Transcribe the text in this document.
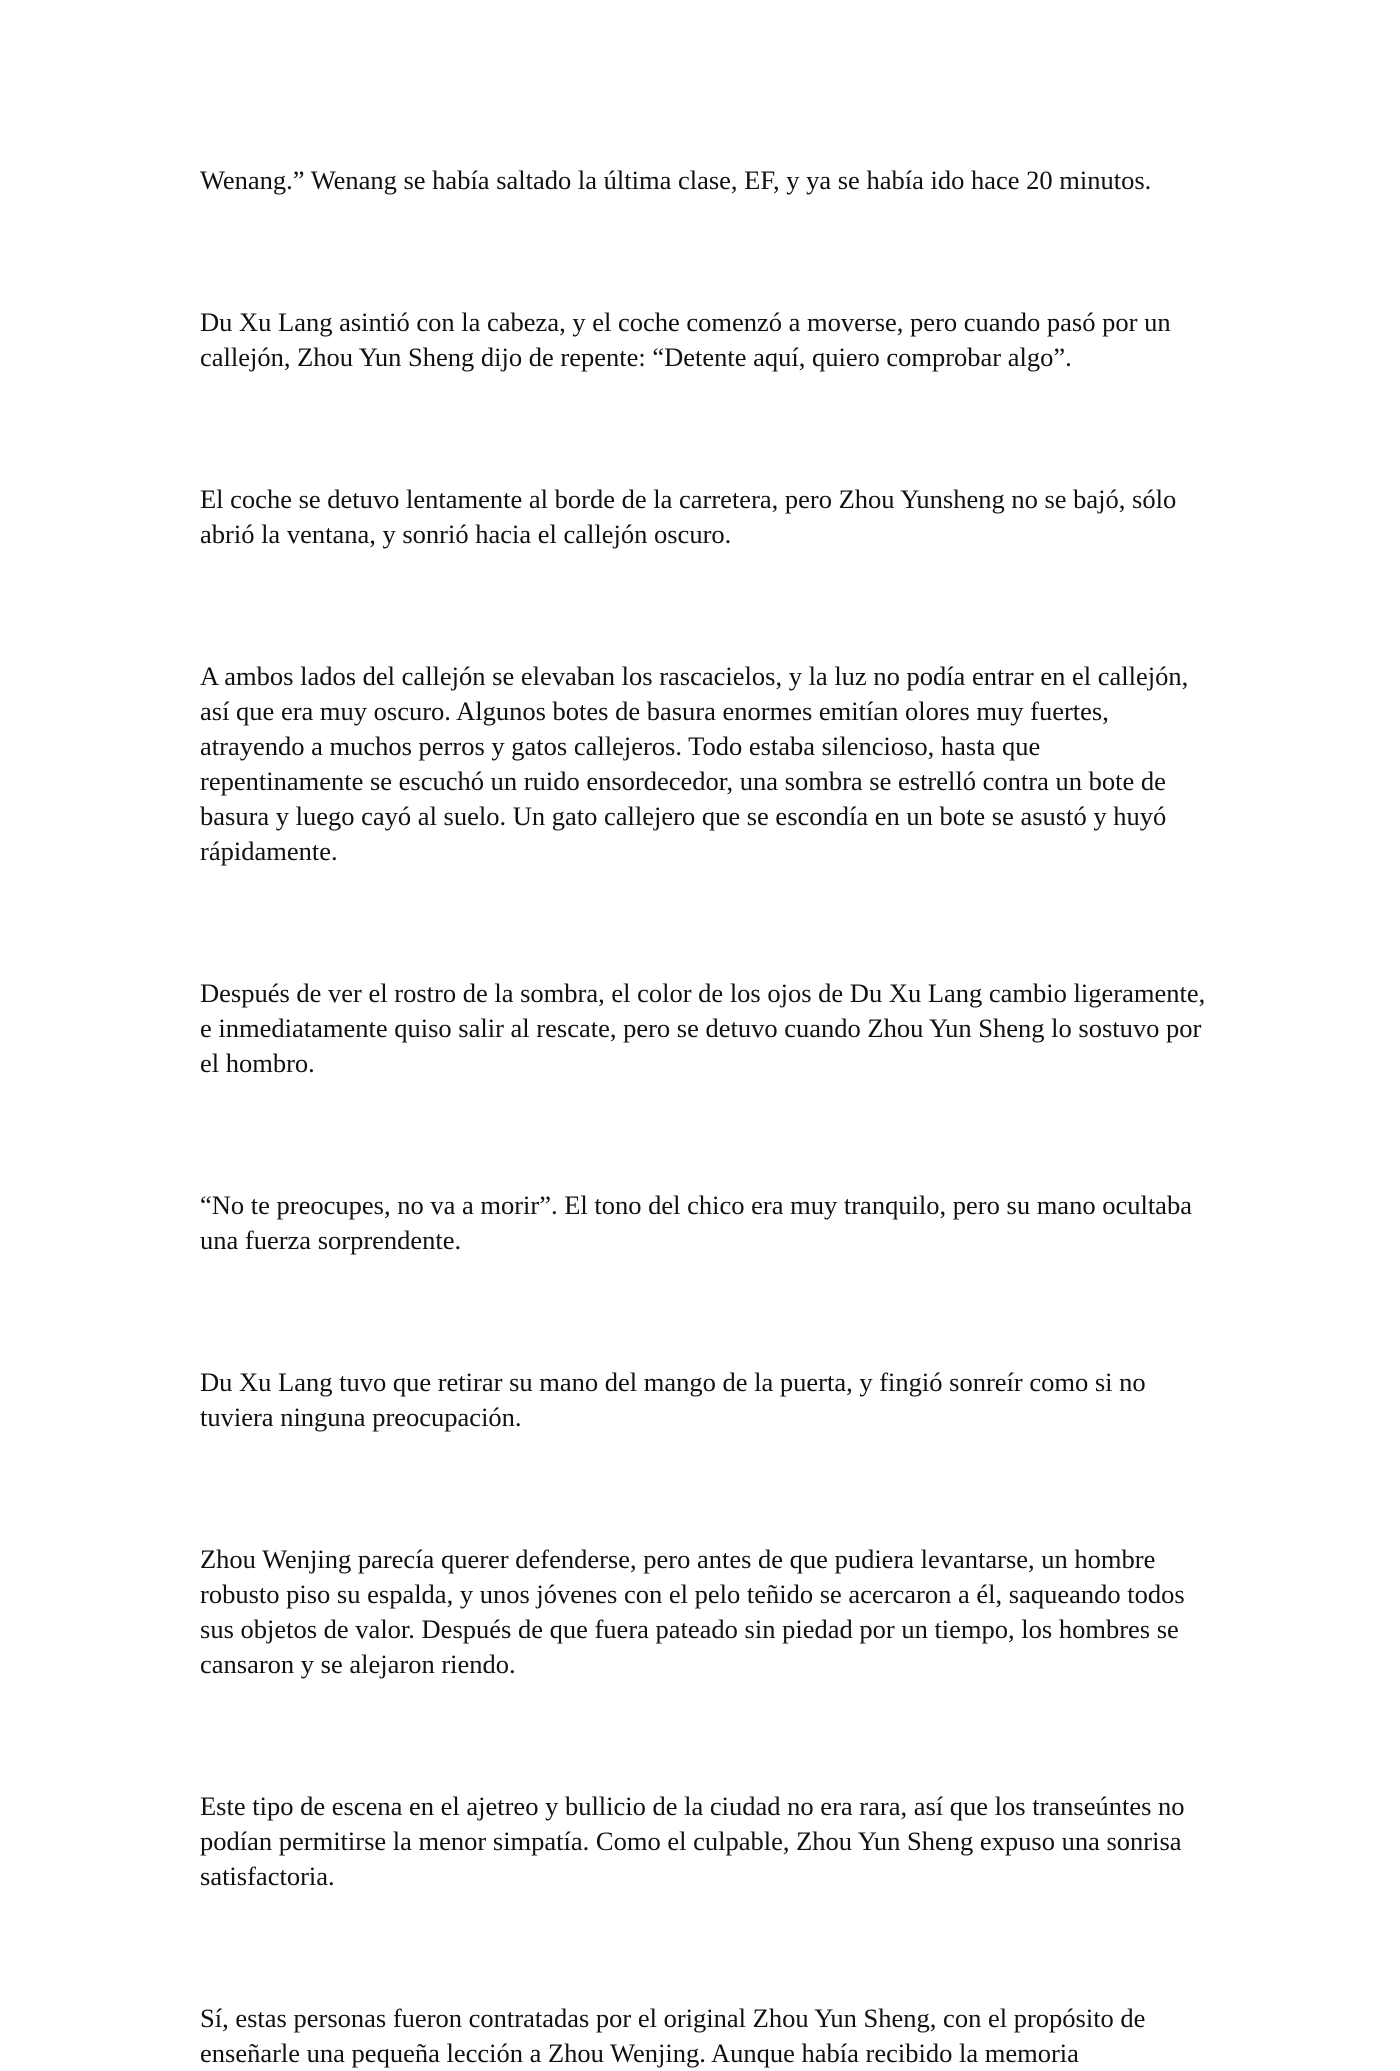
Wenang.” Wenang se había saltado la última clase, EF, y ya se había ido hace 20 minutos.

Du Xu Lang asintió con la cabeza, y el coche comenzó a moverse, pero cuando pasó por un callejón, Zhou Yun Sheng dijo de repente: “Detente aquí, quiero comprobar algo”.

El coche se detuvo lentamente al borde de la carretera, pero Zhou Yunsheng no se bajó, sólo abrió la ventana, y sonrió hacia el callejón oscuro.

A ambos lados del callejón se elevaban los rascacielos, y la luz no podía entrar en el callejón, así que era muy oscuro. Algunos botes de basura enormes emitían olores muy fuertes, atrayendo a muchos perros y gatos callejeros. Todo estaba silencioso, hasta que repentinamente se escuchó un ruido ensordecedor, una sombra se estrelló contra un bote de basura y luego cayó al suelo. Un gato callejero que se escondía en un bote se asustó y huyó rápidamente.

Después de ver el rostro de la sombra, el color de los ojos de Du Xu Lang cambio ligeramente, e inmediatamente quiso salir al rescate, pero se detuvo cuando Zhou Yun Sheng lo sostuvo por el hombro.

“No te preocupes, no va a morir”. El tono del chico era muy tranquilo, pero su mano ocultaba una fuerza sorprendente.

Du Xu Lang tuvo que retirar su mano del mango de la puerta, y fingió sonreír como si no tuviera ninguna preocupación.

Zhou Wenjing parecía querer defenderse, pero antes de que pudiera levantarse, un hombre robusto piso su espalda, y unos jóvenes con el pelo teñido se acercaron a él, saqueando todos sus objetos de valor. Después de que fuera pateado sin piedad por un tiempo, los hombres se cansaron y se alejaron riendo.

Este tipo de escena en el ajetreo y bullicio de la ciudad no era rara, así que los transeúntes no podían permitirse la menor simpatía. Como el culpable, Zhou Yun Sheng expuso una sonrisa satisfactoria.

Sí, estas personas fueron contratadas por el original Zhou Yun Sheng, con el propósito de enseñarle una pequeña lección a Zhou Wenjing. Aunque había recibido la memoria
